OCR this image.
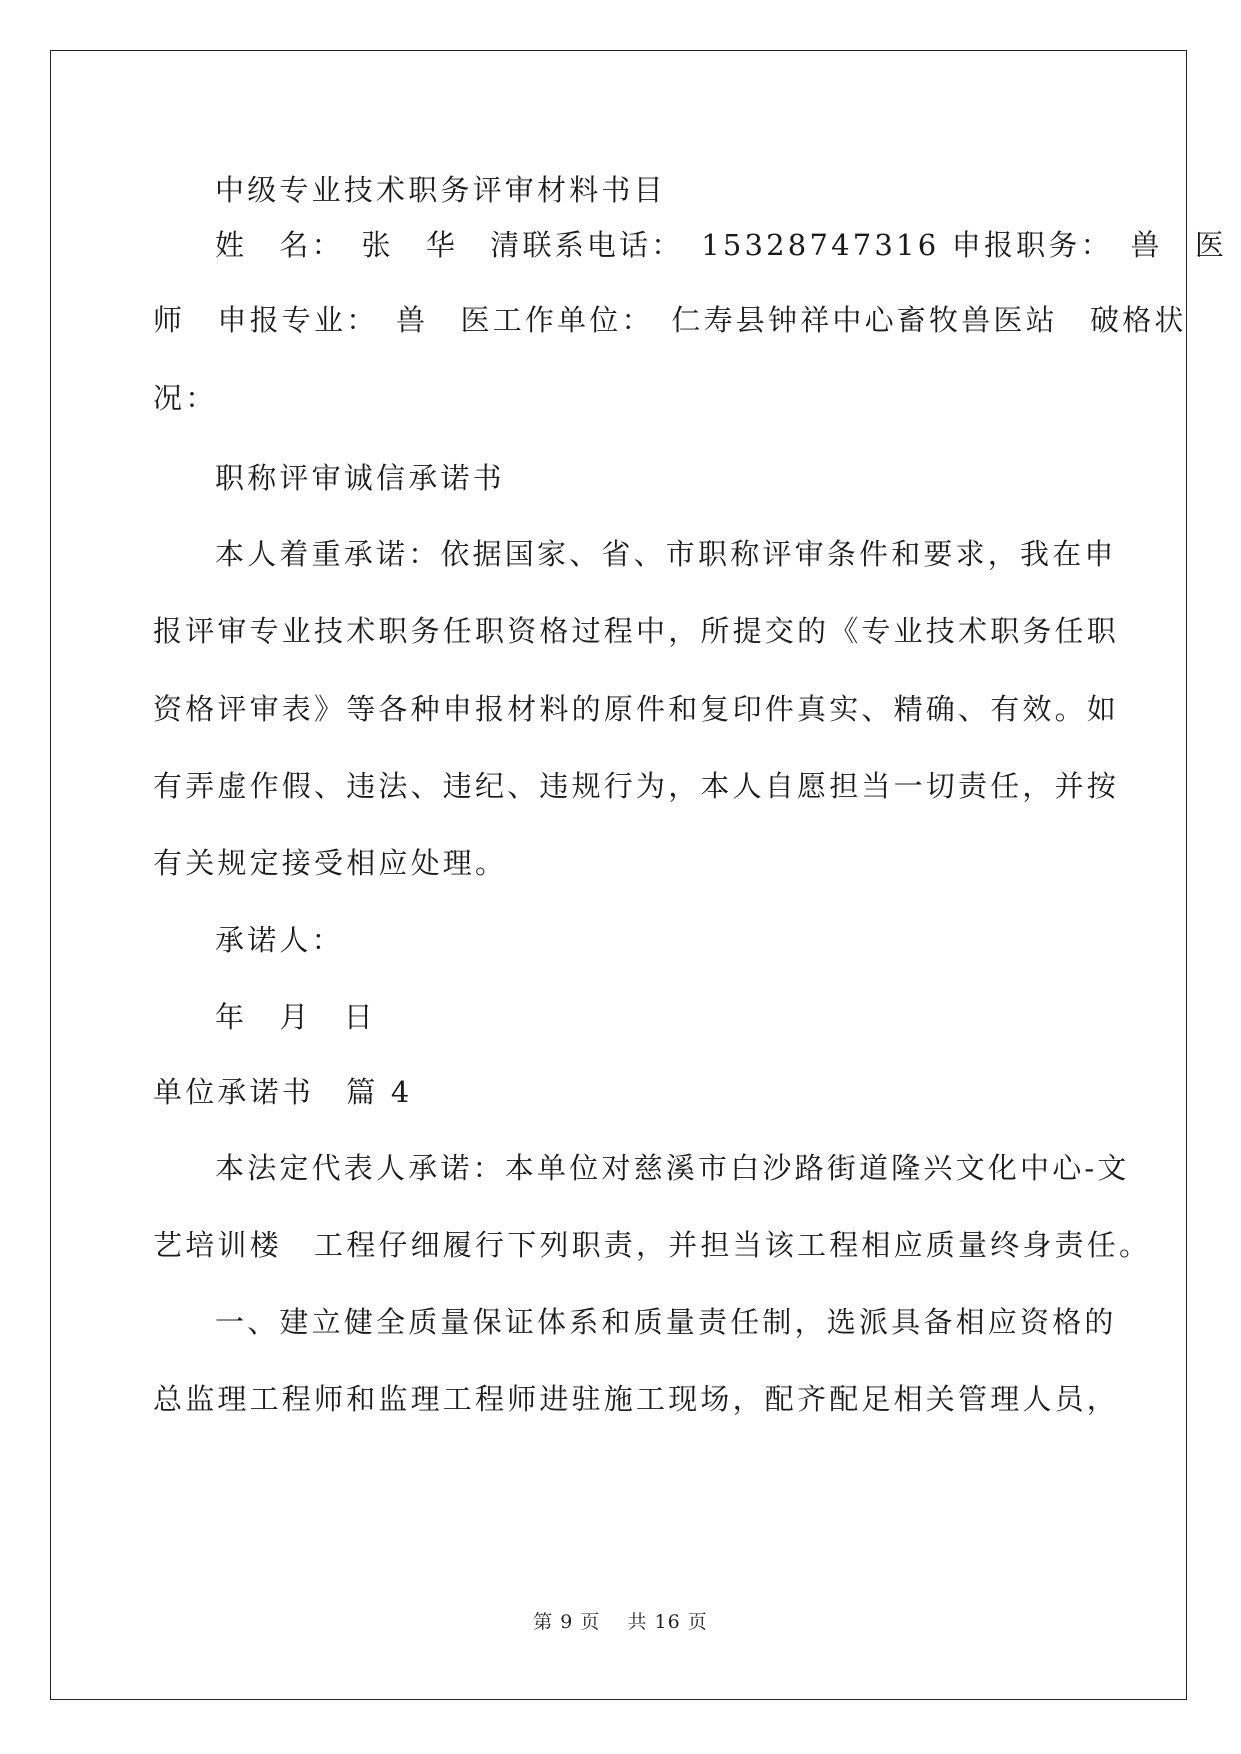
中级专业技术职务评审材料书目
姓　名：　张　华　清联系电话：　15328747316 申报职务：　兽　医
师　申报专业：　兽　医工作单位：　仁寿县钟祥中心畜牧兽医站　破格状
况：
职称评审诚信承诺书
本人着重承诺：依据国家、省、市职称评审条件和要求，我在申
报评审专业技术职务任职资格过程中，所提交的《专业技术职务任职
资格评审表》等各种申报材料的原件和复印件真实、精确、有效。如
有弄虚作假、违法、违纪、违规行为，本人自愿担当一切责任，并按
有关规定接受相应处理。
承诺人：
年　月　日
单位承诺书　篇 4
本法定代表人承诺：本单位对慈溪市白沙路街道隆兴文化中心-文
艺培训楼　工程仔细履行下列职责，并担当该工程相应质量终身责任。
一、建立健全质量保证体系和质量责任制，选派具备相应资格的
总监理工程师和监理工程师进驻施工现场，配齐配足相关管理人员，
第 9 页　 共 16 页
